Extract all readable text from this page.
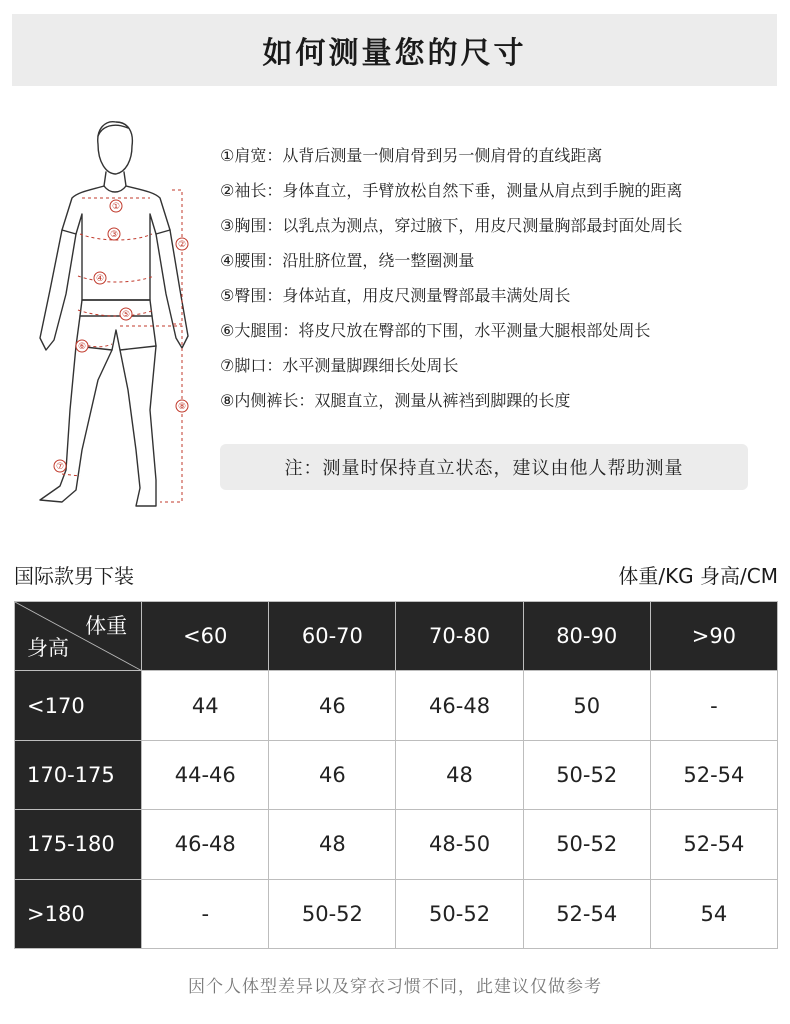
如何测量您的尺寸
①
②
③
④
⑤
⑥
⑦
⑧
①肩宽：从背后测量一侧肩骨到另一侧肩骨的直线距离
②袖长：身体直立，手臂放松自然下垂，测量从肩点到手腕的距离
③胸围：以乳点为测点，穿过腋下，用皮尺测量胸部最封面处周长
④腰围：沿肚脐位置，绕一整圈测量
⑤臀围：身体站直，用皮尺测量臀部最丰满处周长
⑥大腿围：将皮尺放在臀部的下围，水平测量大腿根部处周长
⑦脚口：水平测量脚踝细长处周长
⑧内侧裤长：双腿直立，测量从裤裆到脚踝的长度
注：测量时保持直立状态，建议由他人帮助测量
国际款男下装	体重/KG 身高/CM
体重
身高	<60	60-70	70-80	80-90	>90
<170	44	46	46-48	50	-
170-175	44-46	46	48	50-52	52-54
175-180	46-48	48	48-50	50-52	52-54
>180	-	50-52	50-52	52-54	54
因个人体型差异以及穿衣习惯不同，此建议仅做参考
